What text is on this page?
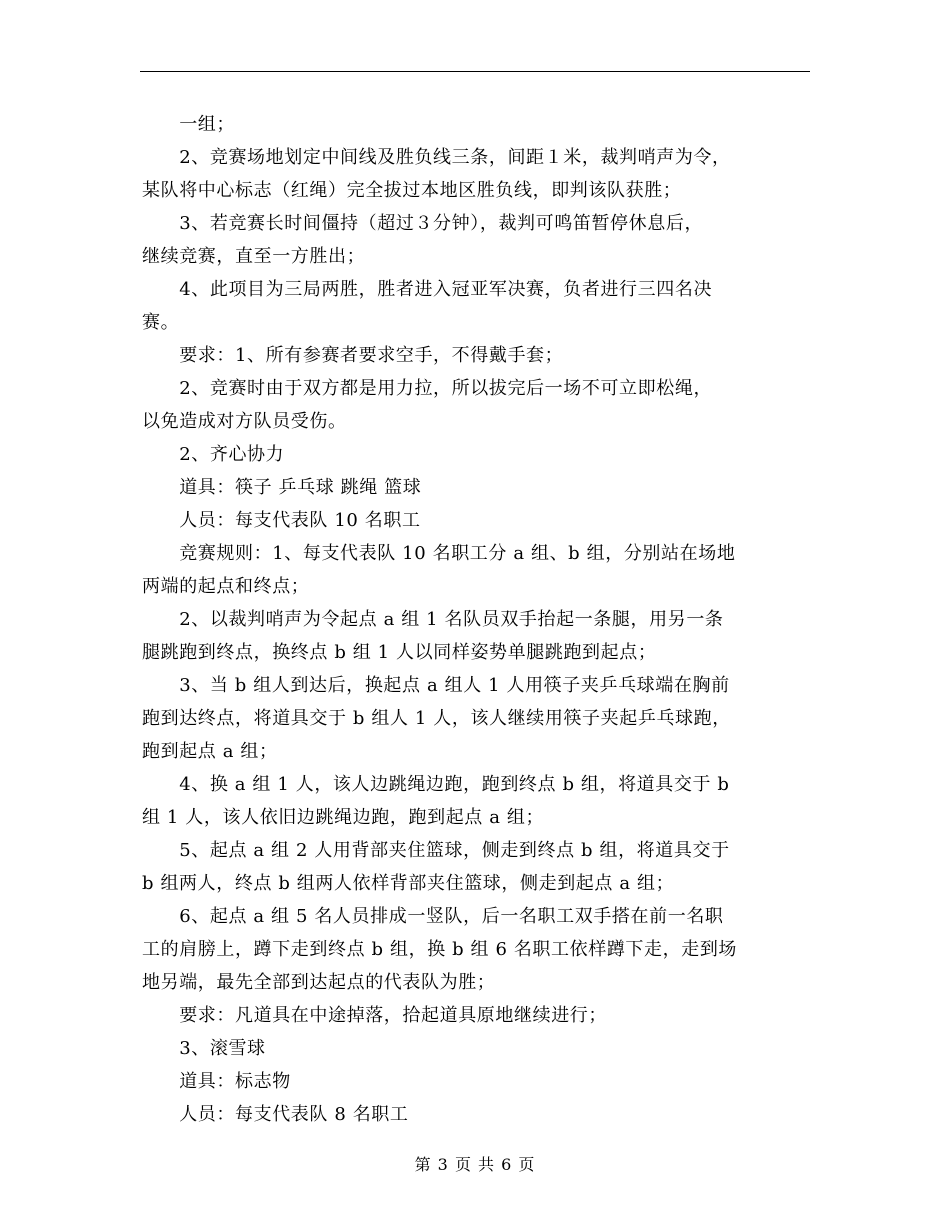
　　一组；

　　2、竞赛场地划定中间线及胜负线三条，间距１米，裁判哨声为令，

某队将中心标志（红绳）完全拔过本地区胜负线，即判该队获胜；

　　3、若竞赛长时间僵持（超过３分钟），裁判可鸣笛暂停休息后，

继续竞赛，直至一方胜出；

　　4、此项目为三局两胜，胜者进入冠亚军决赛，负者进行三四名决

赛。

　　要求：1、所有参赛者要求空手，不得戴手套；

　　2、竞赛时由于双方都是用力拉，所以拔完后一场不可立即松绳，

以免造成对方队员受伤。

　　2、齐心协力

　　道具：筷子 乒乓球 跳绳 篮球

　　人员：每支代表队 10 名职工

　　竞赛规则：1、每支代表队 10 名职工分 a 组、b 组，分别站在场地

两端的起点和终点；

　　2、以裁判哨声为令起点 a 组 1 名队员双手抬起一条腿，用另一条

腿跳跑到终点，换终点 b 组 1 人以同样姿势单腿跳跑到起点；

　　3、当 b 组人到达后，换起点 a 组人 1 人用筷子夹乒乓球端在胸前

跑到达终点，将道具交于 b 组人 1 人，该人继续用筷子夹起乒乓球跑，

跑到起点 a 组；

　　4、换 a 组 1 人，该人边跳绳边跑，跑到终点 b 组，将道具交于 b

组 1 人，该人依旧边跳绳边跑，跑到起点 a 组；

　　5、起点 a 组 2 人用背部夹住篮球，侧走到终点 b 组，将道具交于

b 组两人，终点 b 组两人依样背部夹住篮球，侧走到起点 a 组；

　　6、起点 a 组 5 名人员排成一竖队，后一名职工双手搭在前一名职

工的肩膀上，蹲下走到终点 b 组，换 b 组 6 名职工依样蹲下走，走到场

地另端，最先全部到达起点的代表队为胜；

　　要求：凡道具在中途掉落，拾起道具原地继续进行；

　　3、滚雪球

　　道具：标志物

　　人员：每支代表队 8 名职工

第 3 页 共 6 页
